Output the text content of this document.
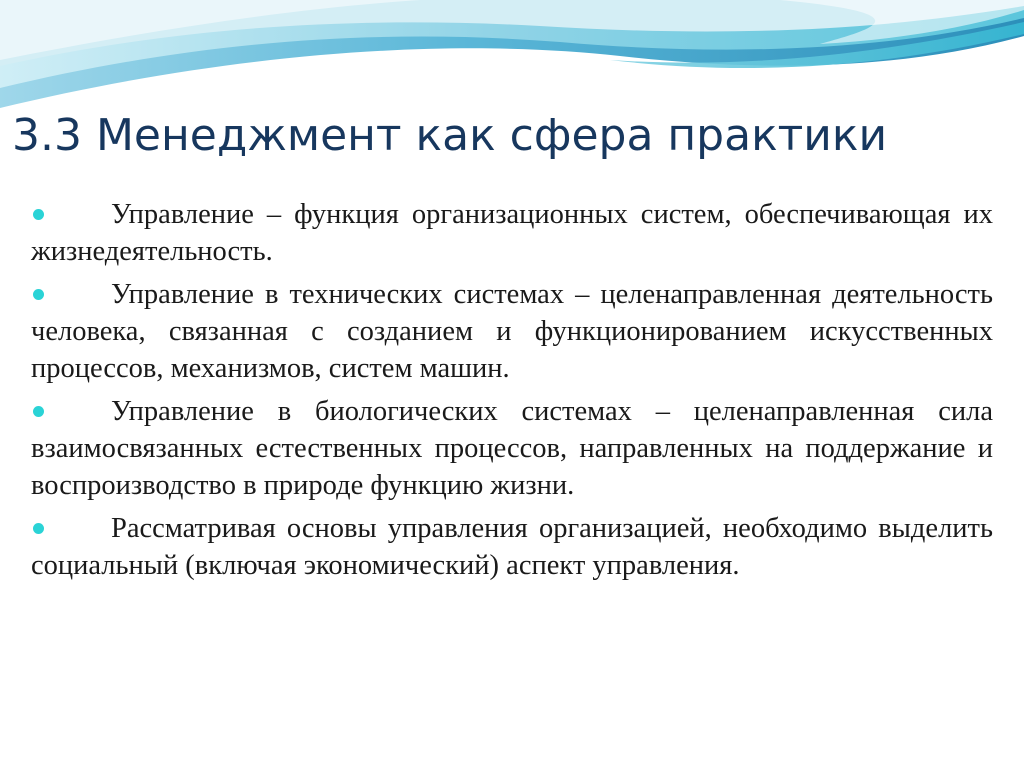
3.3 Менеджмент как сфера практики
Управление – функция организационных систем, обеспечивающая их жизнедеятельность.
Управление в технических системах – целенаправленная деятельность человека, связанная с созданием и функционированием искусственных процессов, механизмов, систем машин.
Управление в биологических системах – целенаправленная сила взаимосвязанных естественных процессов, направленных на поддержание и воспроизводство в природе функцию жизни.
Рассматривая основы управления организацией, необходимо выделить социальный (включая экономический) аспект управления.
